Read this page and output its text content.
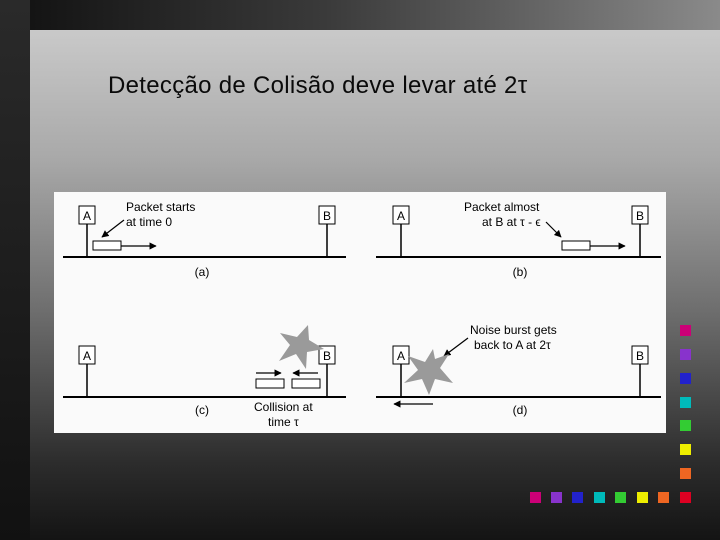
Detecção de Colisão deve levar até 2τ
A	B
Packet starts
at time 0
(a)
A	B
Packet almost
at B at τ - ϵ
(b)
A	B
(c)	Collision at
time τ
A	B
Noise burst gets
back to A at 2τ
(d)
